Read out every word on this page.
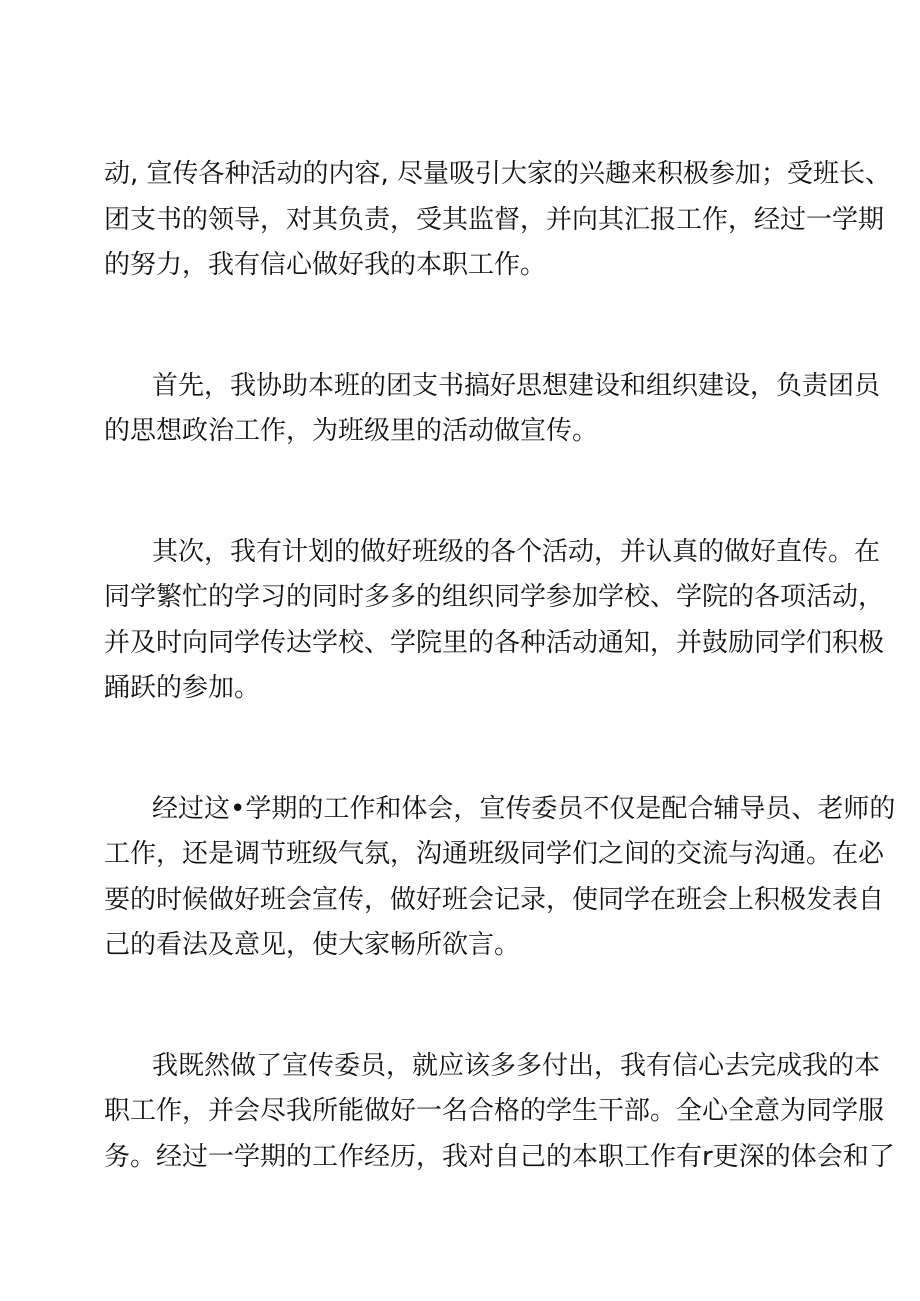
动, 宣传各种活动的内容, 尽量吸引大家的兴趣来积极参加；受班长、
团支书的领导，对其负责，受其监督，并向其汇报工作，经过一学期
的努力，我有信心做好我的本职工作。

首先，我协助本班的团支书搞好思想建设和组织建设，负责团员
的思想政治工作，为班级里的活动做宣传。

其次，我有计划的做好班级的各个活动，并认真的做好直传。在
同学繁忙的学习的同时多多的组织同学参加学校、学院的各项活动，
并及时向同学传达学校、学院里的各种活动通知，并鼓励同学们积极
踊跃的参加。

经过这•学期的工作和体会，宣传委员不仅是配合辅导员、老师的
工作，还是调节班级气氛，沟通班级同学们之间的交流与沟通。在必
要的时候做好班会宣传，做好班会记录，使同学在班会上积极发表自
己的看法及意见，使大家畅所欲言。

我既然做了宣传委员，就应该多多付出，我有信心去完成我的本
职工作，并会尽我所能做好一名合格的学生干部。全心全意为同学服
务。经过一学期的工作经历，我对自己的本职工作有r更深的体会和了
